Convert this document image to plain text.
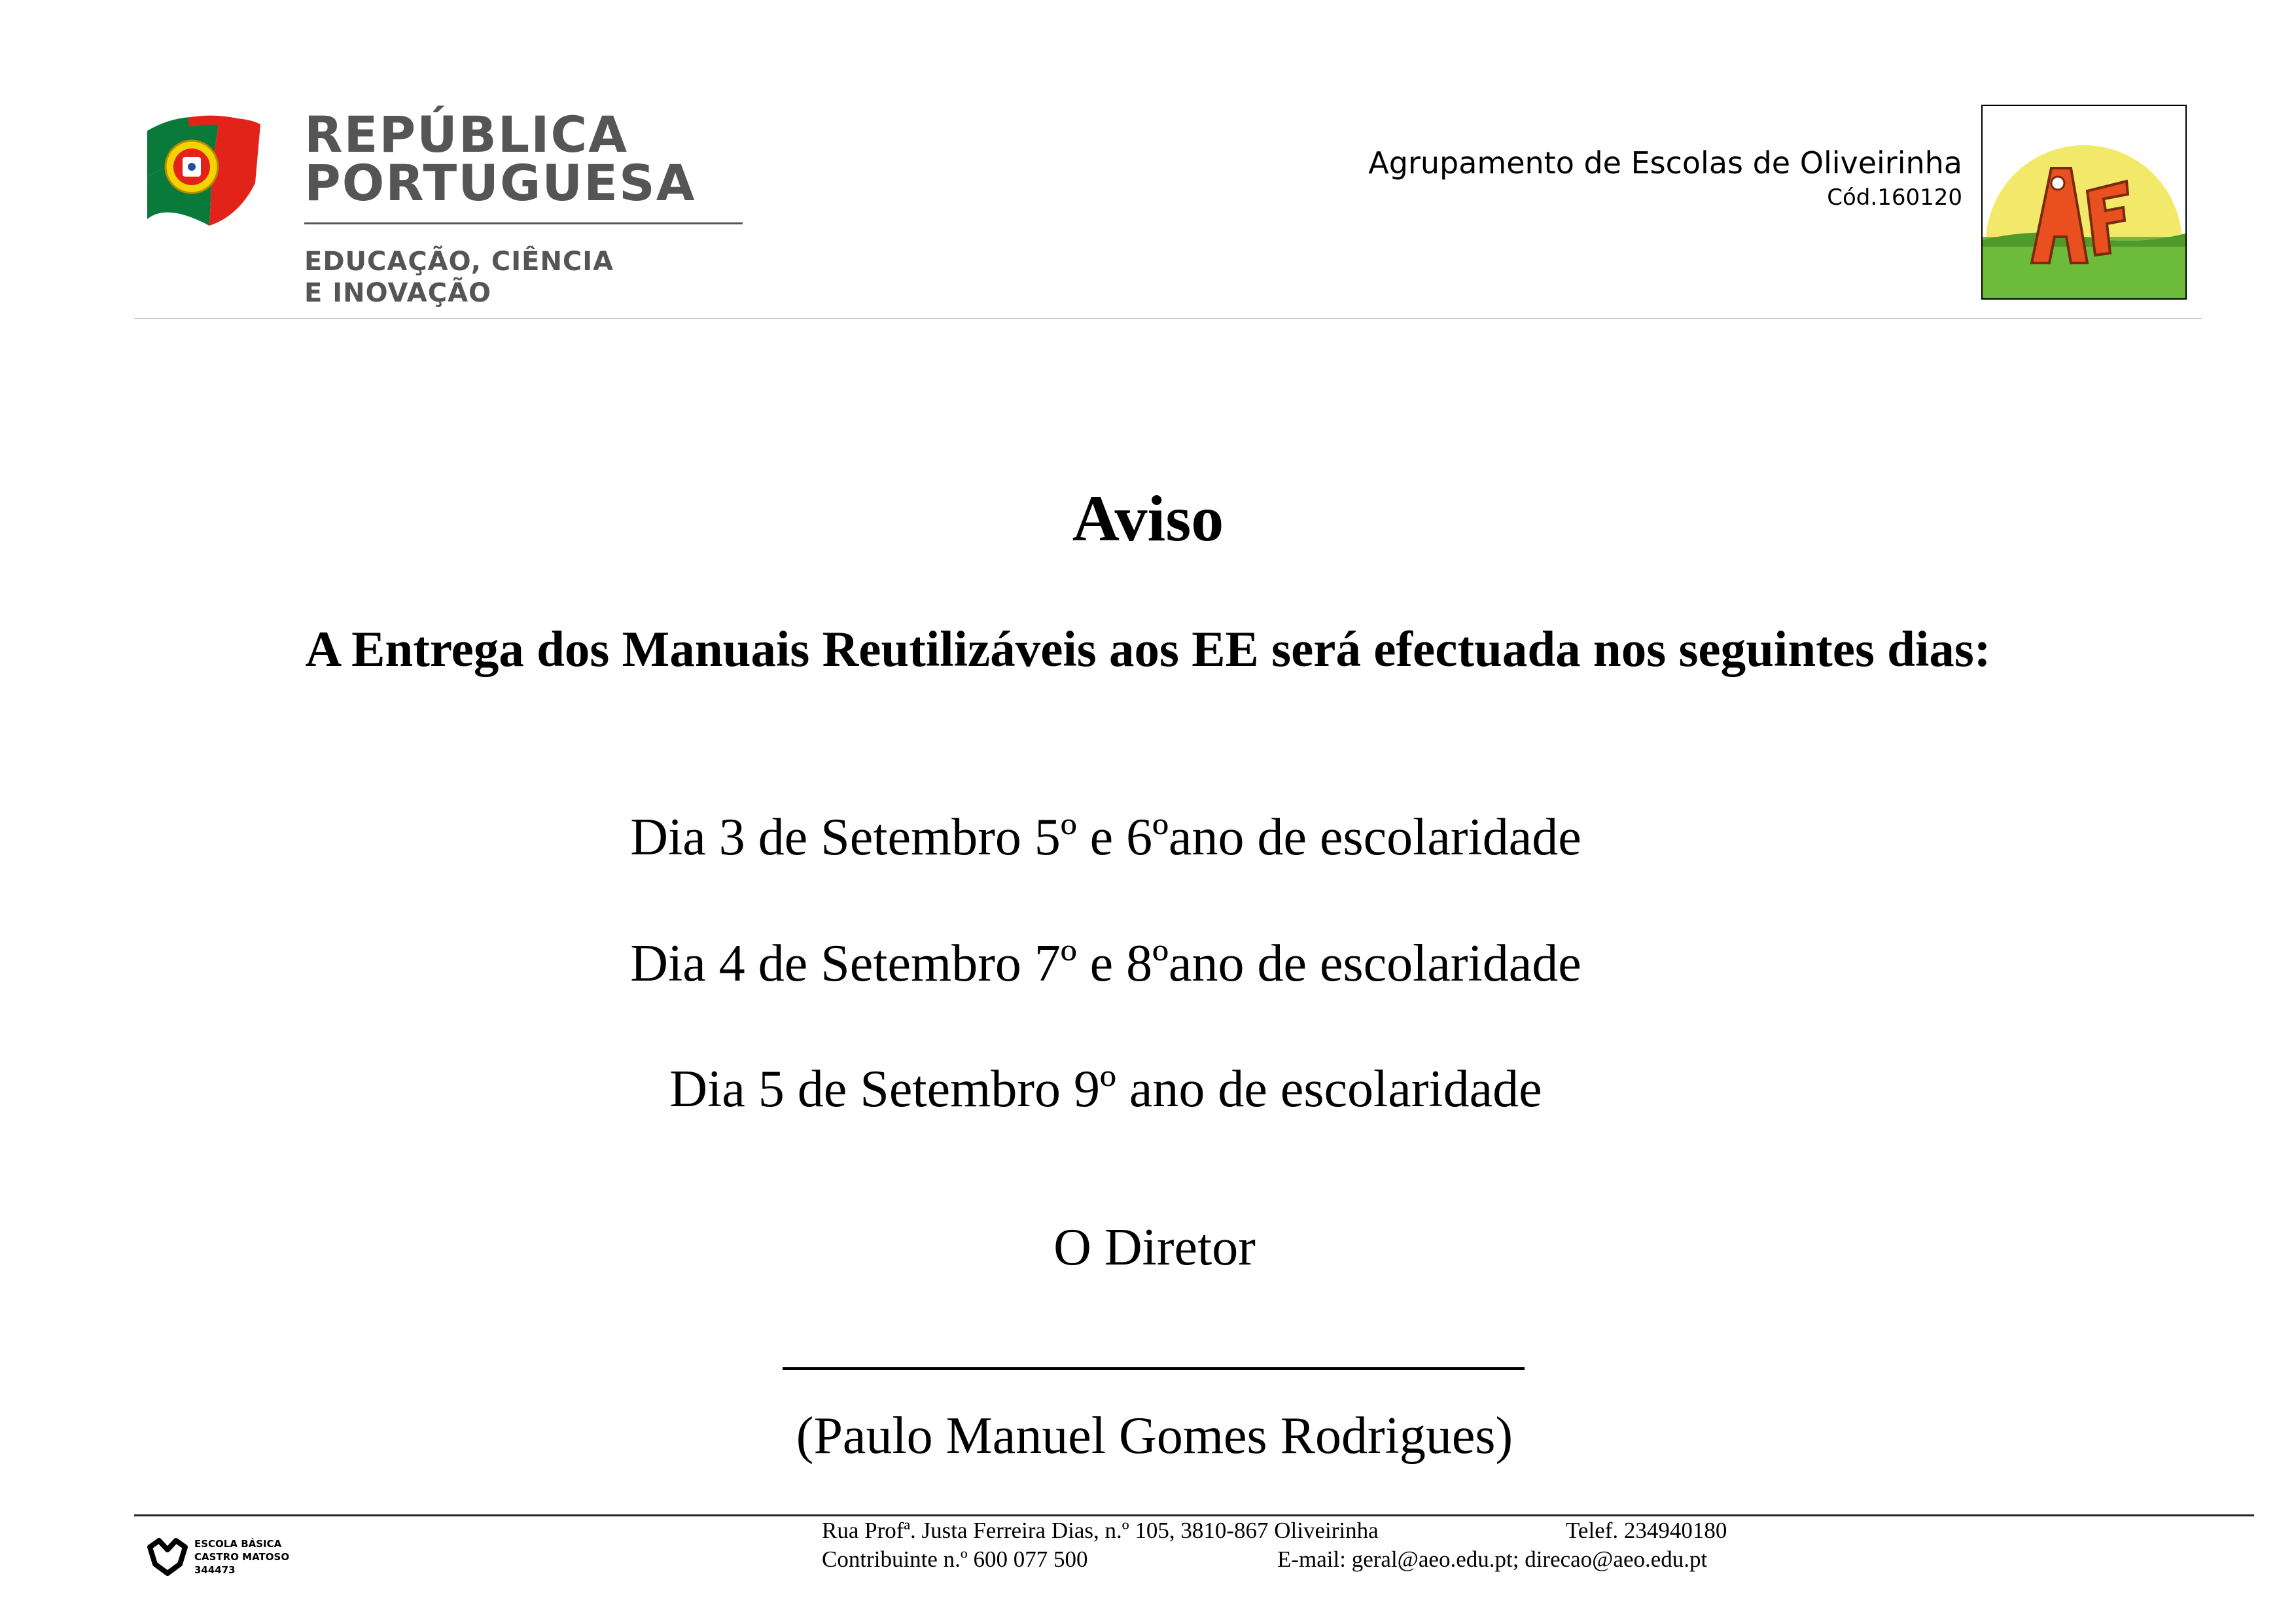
REPÚBLICA
PORTUGUESA
EDUCAÇÃO, CIÊNCIA
E INOVAÇÃO
Agrupamento de Escolas de Oliveirinha
Cód.160120
Aviso
A Entrega dos Manuais Reutilizáveis aos EE será efectuada nos seguintes dias:
Dia 3 de Setembro 5º e 6ºano de escolaridade
Dia 4 de Setembro 7º e 8ºano de escolaridade
Dia 5 de Setembro 9º ano de escolaridade
O Diretor
(Paulo Manuel Gomes Rodrigues)
ESCOLA BÁSICA
CASTRO MATOSO
344473
Rua Profª. Justa Ferreira Dias, n.º 105, 3810-867 Oliveirinha	Telef. 234940180
Contribuinte n.º 600 077 500	E-mail: geral@aeo.edu.pt; direcao@aeo.edu.pt
